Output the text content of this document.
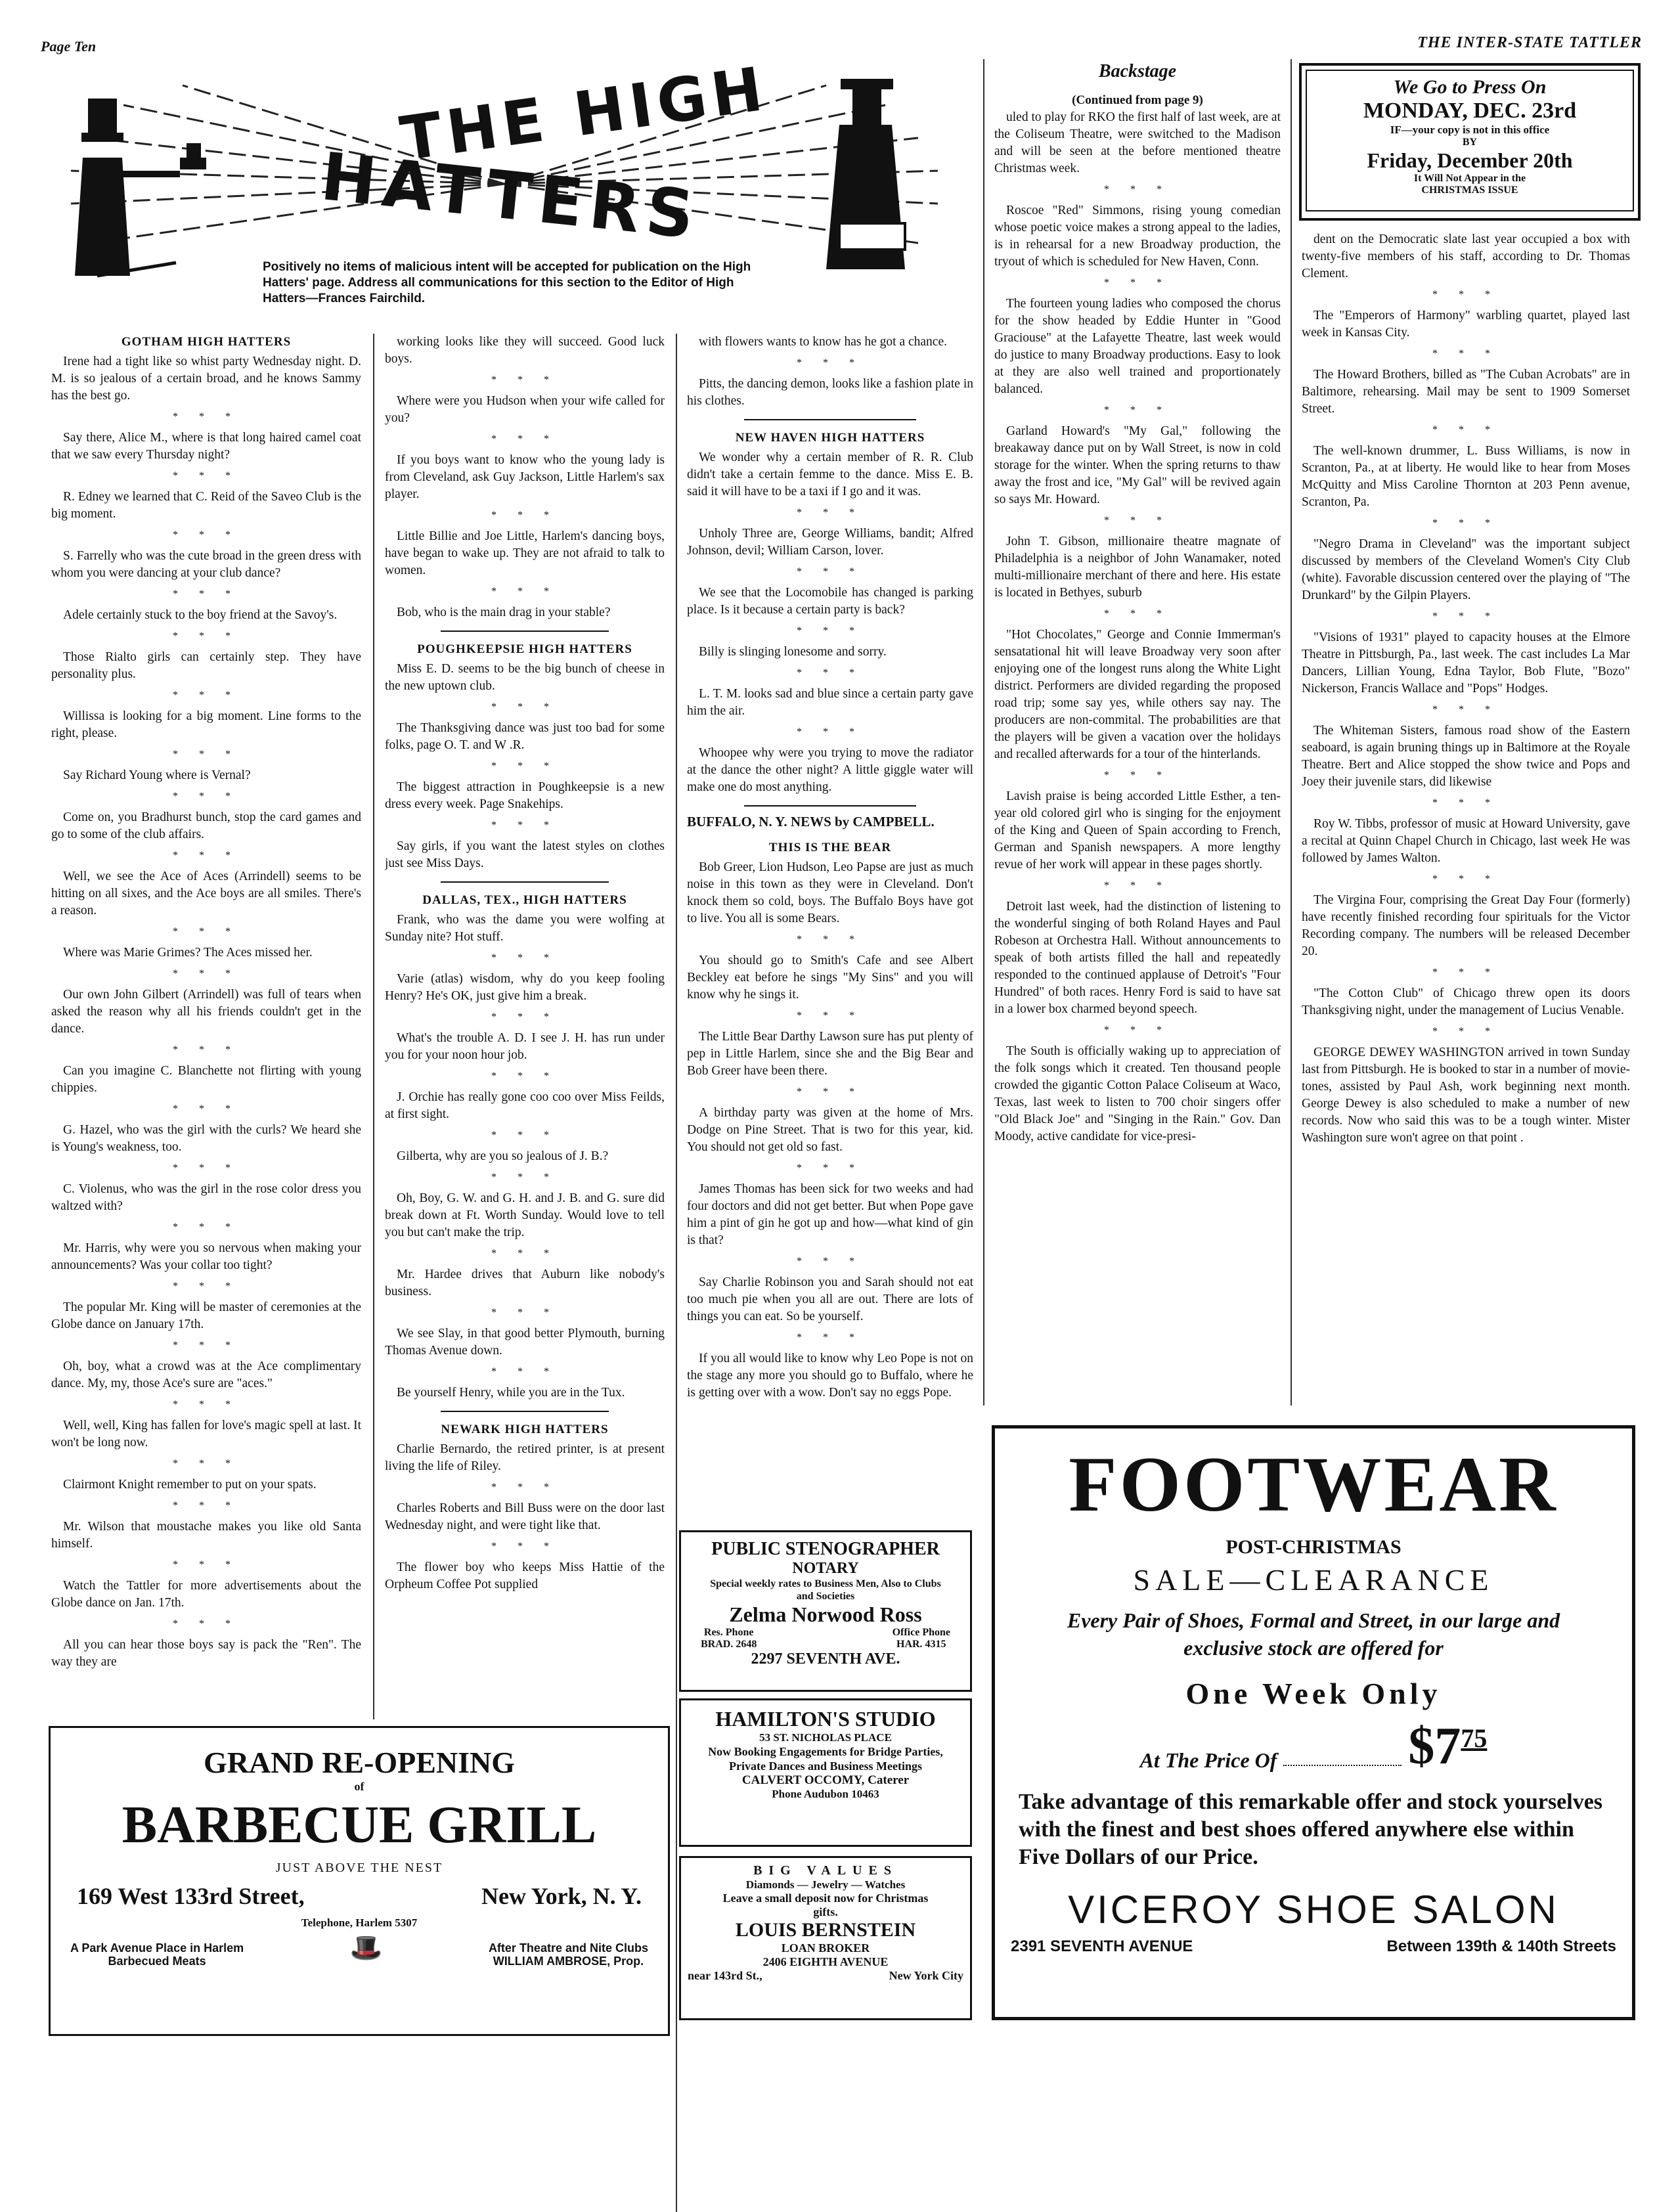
Page Ten	THE INTER-STATE TATTLER
THE HIGH
HATTERS
Positively no items of malicious intent will be accepted for publication on the High Hatters' page. Address all communications for this section to the Editor of High Hatters—Frances Fairchild.
We Go to Press On
MONDAY, DEC. 23rd
IF—your copy is not in this office
BY
Friday, December 20th
It Will Not Appear in the
CHRISTMAS ISSUE
GOTHAM HIGH HATTERS

Irene had a tight like so whist party Wednesday night. D. M. is so jealous of a certain broad, and he knows Sammy has the best go.

* * *

Say there, Alice M., where is that long haired camel coat that we saw every Thursday night?

* * *

R. Edney we learned that C. Reid of the Saveo Club is the big moment.

* * *

S. Farrelly who was the cute broad in the green dress with whom you were dancing at your club dance?

* * *

Adele certainly stuck to the boy friend at the Savoy's.

* * *

Those Rialto girls can certainly step. They have personality plus.

* * *

Willissa is looking for a big moment. Line forms to the right, please.

* * *

Say Richard Young where is Vernal?

* * *

Come on, you Bradhurst bunch, stop the card games and go to some of the club affairs.

* * *

Well, we see the Ace of Aces (Arrindell) seems to be hitting on all sixes, and the Ace boys are all smiles. There's a reason.

* * *

Where was Marie Grimes? The Aces missed her.

* * *

Our own John Gilbert (Arrindell) was full of tears when asked the reason why all his friends couldn't get in the dance.

* * *

Can you imagine C. Blanchette not flirting with young chippies.

* * *

G. Hazel, who was the girl with the curls? We heard she is Young's weakness, too.

* * *

C. Violenus, who was the girl in the rose color dress you waltzed with?

* * *

Mr. Harris, why were you so nervous when making your announcements? Was your collar too tight?

* * *

The popular Mr. King will be master of ceremonies at the Globe dance on January 17th.

* * *

Oh, boy, what a crowd was at the Ace complimentary dance. My, my, those Ace's sure are "aces."

* * *

Well, well, King has fallen for love's magic spell at last. It won't be long now.

* * *

Clairmont Knight remember to put on your spats.

* * *

Mr. Wilson that moustache makes you like old Santa himself.

* * *

Watch the Tattler for more advertisements about the Globe dance on Jan. 17th.

* * *

All you can hear those boys say is pack the "Ren". The way they are

working looks like they will succeed. Good luck boys.

* * *

Where were you Hudson when your wife called for you?

* * *

If you boys want to know who the young lady is from Cleveland, ask Guy Jackson, Little Harlem's sax player.

* * *

Little Billie and Joe Little, Harlem's dancing boys, have began to wake up. They are not afraid to talk to women.

* * *

Bob, who is the main drag in your stable?

POUGHKEEPSIE HIGH HATTERS

Miss E. D. seems to be the big bunch of cheese in the new uptown club.

* * *

The Thanksgiving dance was just too bad for some folks, page O. T. and W .R.

* * *

The biggest attraction in Poughkeepsie is a new dress every week. Page Snakehips.

* * *

Say girls, if you want the latest styles on clothes just see Miss Days.

DALLAS, TEX., HIGH HATTERS

Frank, who was the dame you were wolfing at Sunday nite? Hot stuff.

* * *

Varie (atlas) wisdom, why do you keep fooling Henry? He's OK, just give him a break.

* * *

What's the trouble A. D. I see J. H. has run under you for your noon hour job.

* * *

J. Orchie has really gone coo coo over Miss Feilds, at first sight.

* * *

Gilberta, why are you so jealous of J. B.?

* * *

Oh, Boy, G. W. and G. H. and J. B. and G. sure did break down at Ft. Worth Sunday. Would love to tell you but can't make the trip.

* * *

Mr. Hardee drives that Auburn like nobody's business.

* * *

We see Slay, in that good better Plymouth, burning Thomas Avenue down.

* * *

Be yourself Henry, while you are in the Tux.

NEWARK HIGH HATTERS

Charlie Bernardo, the retired printer, is at present living the life of Riley.

* * *

Charles Roberts and Bill Buss were on the door last Wednesday night, and were tight like that.

* * *

The flower boy who keeps Miss Hattie of the Orpheum Coffee Pot supplied

with flowers wants to know has he got a chance.

* * *

Pitts, the dancing demon, looks like a fashion plate in his clothes.

NEW HAVEN HIGH HATTERS

We wonder why a certain member of R. R. Club didn't take a certain femme to the dance. Miss E. B. said it will have to be a taxi if I go and it was.

* * *

Unholy Three are, George Williams, bandit; Alfred Johnson, devil; William Carson, lover.

* * *

We see that the Locomobile has changed is parking place. Is it because a certain party is back?

* * *

Billy is slinging lonesome and sorry.

* * *

L. T. M. looks sad and blue since a certain party gave him the air.

* * *

Whoopee why were you trying to move the radiator at the dance the other night? A little giggle water will make one do most anything.

BUFFALO, N. Y. NEWS by CAMPBELL.
THIS IS THE BEAR

Bob Greer, Lion Hudson, Leo Papse are just as much noise in this town as they were in Cleveland. Don't knock them so cold, boys. The Buffalo Boys have got to live. You all is some Bears.

* * *

You should go to Smith's Cafe and see Albert Beckley eat before he sings "My Sins" and you will know why he sings it.

* * *

The Little Bear Darthy Lawson sure has put plenty of pep in Little Harlem, since she and the Big Bear and Bob Greer have been there.

* * *

A birthday party was given at the home of Mrs. Dodge on Pine Street. That is two for this year, kid. You should not get old so fast.

* * *

James Thomas has been sick for two weeks and had four doctors and did not get better. But when Pope gave him a pint of gin he got up and how—what kind of gin is that?

* * *

Say Charlie Robinson you and Sarah should not eat too much pie when you all are out. There are lots of things you can eat. So be yourself.

* * *

If you all would like to know why Leo Pope is not on the stage any more you should go to Buffalo, where he is getting over with a wow. Don't say no eggs Pope.

Backstage
(Continued from page 9)

uled to play for RKO the first half of last week, are at the Coliseum Theatre, were switched to the Madison and will be seen at the before mentioned theatre Christmas week.

* * *

Roscoe "Red" Simmons, rising young comedian whose poetic voice makes a strong appeal to the ladies, is in rehearsal for a new Broadway production, the tryout of which is scheduled for New Haven, Conn.

* * *

The fourteen young ladies who composed the chorus for the show headed by Eddie Hunter in "Good Graciouse" at the Lafayette Theatre, last week would do justice to many Broadway productions. Easy to look at they are also well trained and proportionately balanced.

* * *

Garland Howard's "My Gal," following the breakaway dance put on by Wall Street, is now in cold storage for the winter. When the spring returns to thaw away the frost and ice, "My Gal" will be revived again so says Mr. Howard.

* * *

John T. Gibson, millionaire theatre magnate of Philadelphia is a neighbor of John Wanamaker, noted multi-millionaire merchant of there and here. His estate is located in Bethyes, suburb

* * *

"Hot Chocolates," George and Connie Immerman's sensatational hit will leave Broadway very soon after enjoying one of the longest runs along the White Light district. Performers are divided regarding the proposed road trip; some say yes, while others say nay. The producers are non-commital. The probabilities are that the players will be given a vacation over the holidays and recalled afterwards for a tour of the hinterlands.

* * *

Lavish praise is being accorded Little Esther, a ten-year old colored girl who is singing for the enjoyment of the King and Queen of Spain according to French, German and Spanish newspapers. A more lengthy revue of her work will appear in these pages shortly.

* * *

Detroit last week, had the distinction of listening to the wonderful singing of both Roland Hayes and Paul Robeson at Orchestra Hall. Without announcements to speak of both artists filled the hall and repeatedly responded to the continued applause of Detroit's "Four Hundred" of both races. Henry Ford is said to have sat in a lower box charmed beyond speech.

* * *

The South is officially waking up to appreciation of the folk songs which it created. Ten thousand people crowded the gigantic Cotton Palace Coliseum at Waco, Texas, last week to listen to 700 choir singers offer "Old Black Joe" and "Singing in the Rain." Gov. Dan Moody, active candidate for vice-presi-

dent on the Democratic slate last year occupied a box with twenty-five members of his staff, according to Dr. Thomas Clement.

* * *

The "Emperors of Harmony" warbling quartet, played last week in Kansas City.

* * *

The Howard Brothers, billed as "The Cuban Acrobats" are in Baltimore, rehearsing. Mail may be sent to 1909 Somerset Street.

* * *

The well-known drummer, L. Buss Williams, is now in Scranton, Pa., at at liberty. He would like to hear from Moses McQuitty and Miss Caroline Thornton at 203 Penn avenue, Scranton, Pa.

* * *

"Negro Drama in Cleveland" was the important subject discussed by members of the Cleveland Women's City Club (white). Favorable discussion centered over the playing of "The Drunkard" by the Gilpin Players.

* * *

"Visions of 1931" played to capacity houses at the Elmore Theatre in Pittsburgh, Pa., last week. The cast includes La Mar Dancers, Lillian Young, Edna Taylor, Bob Flute, "Bozo" Nickerson, Francis Wallace and "Pops" Hodges.

* * *

The Whiteman Sisters, famous road show of the Eastern seaboard, is again bruning things up in Baltimore at the Royale Theatre. Bert and Alice stopped the show twice and Pops and Joey their juvenile stars, did likewise

* * *

Roy W. Tibbs, professor of music at Howard University, gave a recital at Quinn Chapel Church in Chicago, last week He was followed by James Walton.

* * *

The Virgina Four, comprising the Great Day Four (formerly) have recently finished recording four spirituals for the Victor Recording company. The numbers will be released December 20.

* * *

"The Cotton Club" of Chicago threw open its doors Thanksgiving night, under the management of Lucius Venable.

* * *

GEORGE DEWEY WASHINGTON arrived in town Sunday last from Pittsburgh. He is booked to star in a number of movie-tones, assisted by Paul Ash, work beginning next month. George Dewey is also scheduled to make a number of new records. Now who said this was to be a tough winter. Mister Washington sure won't agree on that point .

GRAND RE-OPENING
of
BARBECUE GRILL
JUST ABOVE THE NEST
169 West 133rd Street,	New York, N. Y.
Telephone, Harlem 5307
A Park Avenue Place in Harlem
Barbecued Meats	🎩	After Theatre and Nite Clubs
WILLIAM AMBROSE, Prop.
PUBLIC STENOGRAPHER
NOTARY
Special weekly rates to Business Men, Also to Clubs and Societies
Zelma Norwood Ross
Res. Phone
BRAD. 2648
Office Phone
HAR. 4315
2297 SEVENTH AVE.
HAMILTON'S STUDIO
53 ST. NICHOLAS PLACE
Now Booking Engagements for Bridge Parties, Private Dances and Business Meetings
CALVERT OCCOMY, Caterer
Phone Audubon 10463
BIG VALUES
Diamonds — Jewelry — Watches
Leave a small deposit now for Christmas gifts.
LOUIS BERNSTEIN
LOAN BROKER
2406 EIGHTH AVENUE
near 143rd St.,	New York City
FOOTWEAR
POST-CHRISTMAS
SALE—CLEARANCE
Every Pair of Shoes, Formal and Street, in our large and exclusive stock are offered for
One Week Only
At The Price Of	$7 75
Take advantage of this remarkable offer and stock yourselves with the finest and best shoes offered anywhere else within Five Dollars of our Price.
VICEROY SHOE SALON
2391 SEVENTH AVENUE	Between 139th & 140th Streets
